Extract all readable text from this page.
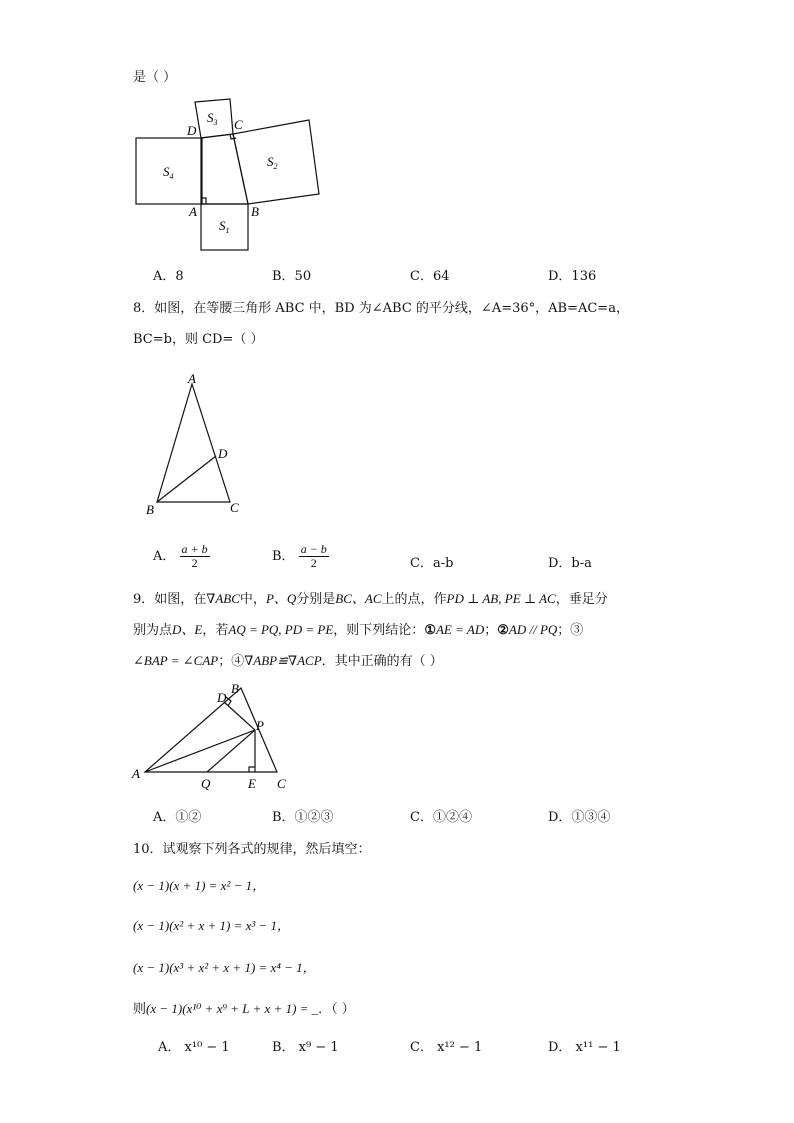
是（ ）
$S_3$
$S_2$
$S_4$
$S_1$
D	C
A	B
A．8	B．50	C．64	D．136
8．如图，在等腰三角形 ABC 中，BD 为∠ABC 的平分线，∠A=36°，AB=AC=a，
BC=b，则 CD=（ ）
A
B	C
D
A． $\frac{a + b}{2}$	B． $\frac{a - b}{2}$	C．a-b	D．b-a
9．如图，在∇ABC中，P、Q分别是BC、AC上的点，作PD ⊥ AB, PE ⊥ AC，垂足分
别为点D、E，若AQ = PQ, PD = PE，则下列结论：①AE = AD；②AD // PQ；③
∠BAP = ∠CAP；④∇ABP≌∇ACP．其中正确的有（ ）
D
B
P
A
Q	E C
A．①②	B．①②③	C．①②④	D．①③④
10．试观察下列各式的规律，然后填空：
(x − 1)(x + 1) = x² − 1，
(x − 1)(x² + x + 1) = x³ − 1，
(x − 1)(x³ + x² + x + 1) = x⁴ − 1，
则(x − 1)(x¹⁰ + x⁹ + L + x + 1) = _．（ ）
A． x¹⁰ − 1	B． x⁹ − 1	C． x¹² − 1	D． x¹¹ − 1
